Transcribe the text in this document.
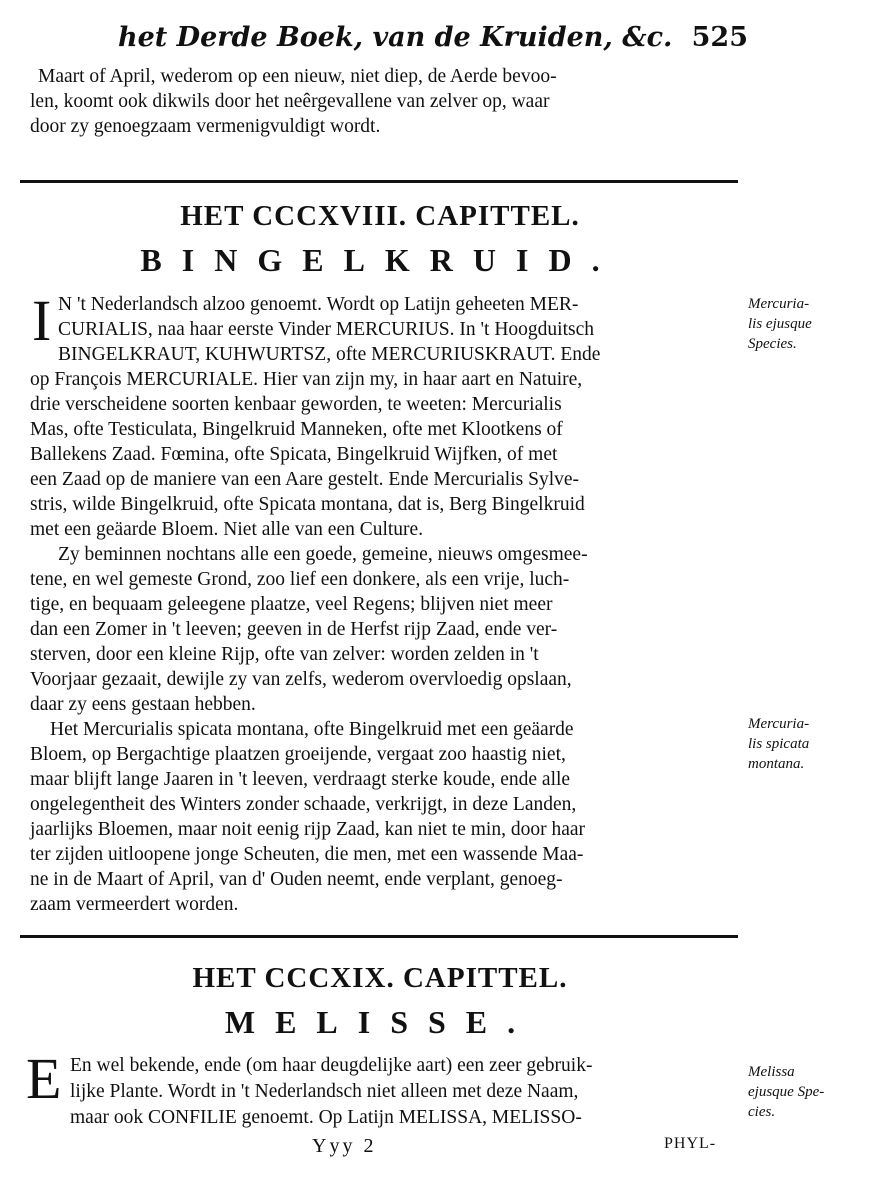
het Derde Boek, van de Kruiden, &c. 525
Maart of April, wederom op een nieuw, niet diep, de Aerde bevoo-
len, koomt ook dikwils door het neêrgevallene van zelver op, waar
door zy genoegzaam vermenigvuldigt wordt.
HET CCCXVIII. CAPITTEL.
BINGELKRUID.
I N 't Nederlandsch alzoo genoemt. Wordt op Latijn geheeten MER-
CURIALIS, naa haar eerste Vinder MERCURIUS. In 't Hoogduitsch
BINGELKRAUT, KUHWURTSZ, ofte MERCURIUSKRAUT. Ende
op François MERCURIALE. Hier van zijn my, in haar aart en Natuire,
drie verscheidene soorten kenbaar geworden, te weeten: Mercurialis
Mas, ofte Testiculata, Bingelkruid Manneken, ofte met Klootkens of
Ballekens Zaad. Fœmina, ofte Spicata, Bingelkruid Wijfken, of met
een Zaad op de maniere van een Aare gestelt. Ende Mercurialis Sylve-
stris, wilde Bingelkruid, ofte Spicata montana, dat is, Berg Bingelkruid
met een geäarde Bloem. Niet alle van een Culture.
Zy beminnen nochtans alle een goede, gemeine, nieuws omgesmee-
tene, en wel gemeste Grond, zoo lief een donkere, als een vrije, luch-
tige, en bequaam geleegene plaatze, veel Regens; blijven niet meer
dan een Zomer in 't leeven; geeven in de Herfst rijp Zaad, ende ver-
sterven, door een kleine Rijp, ofte van zelver: worden zelden in 't
Voorjaar gezaait, dewijle zy van zelfs, wederom overvloedig opslaan,
daar zy eens gestaan hebben.
Het Mercurialis spicata montana, ofte Bingelkruid met een geäarde
Bloem, op Bergachtige plaatzen groeijende, vergaat zoo haastig niet,
maar blijft lange Jaaren in 't leeven, verdraagt sterke koude, ende alle
ongelegentheit des Winters zonder schaade, verkrijgt, in deze Landen,
jaarlijks Bloemen, maar noit eenig rijp Zaad, kan niet te min, door haar
ter zijden uitloopene jonge Scheuten, die men, met een wassende Maa-
ne in de Maart of April, van d' Ouden neemt, ende verplant, genoeg-
zaam vermeerdert worden.
Mercuria-
lis ejusque
Species.
Mercuria-
lis spicata
montana.
HET CCCXIX. CAPITTEL.
MELISSE.
E En wel bekende, ende (om haar deugdelijke aart) een zeer gebruik-
lijke Plante. Wordt in 't Nederlandsch niet alleen met deze Naam,
maar ook CONFILIE genoemt. Op Latijn MELISSA, MELISSO-
Melissa
ejusque Spe-
cies.
Yyy 2	PHYL-
